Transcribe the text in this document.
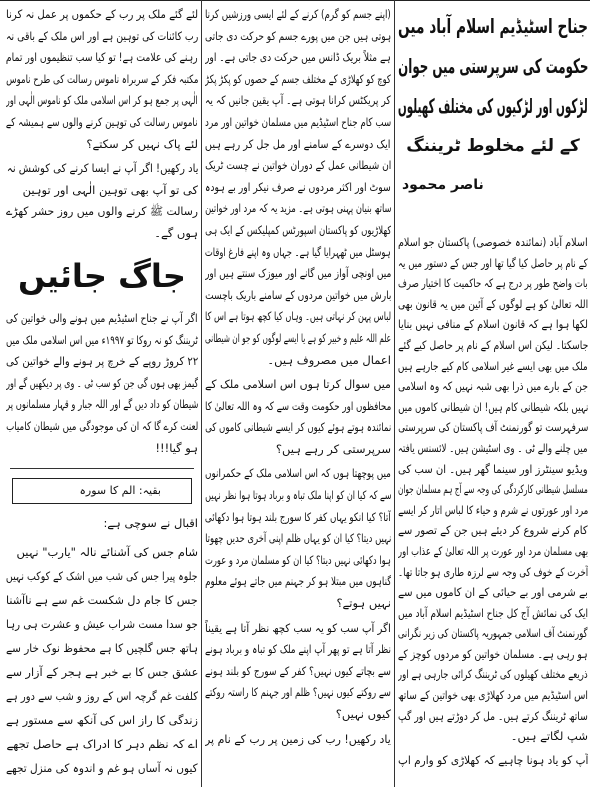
جناح اسٹیڈیم اسلام آباد میں
حکومت کی سرپرستی میں جوان
لڑکوں اور لڑکیوں کی مختلف کھیلوں
کے لئے مخلوط ٹریننگ
ناصر محمود
اسلام آباد (نمائندہ خصوصی) پاکستان جو اسلام
کے نام پر حاصل کیا گیا تھا اور جس کے دستور میں یہ
بات واضح طور پر درج ہے کہ حاکمیت کا اختیار صرف
اللہ تعالیٰ کو ہے لوگوں کے آئین میں یہ قانون بھی
لکھا ہوا ہے کہ قانون اسلام کے منافی نہیں بنایا
جاسکتا۔ لیکن اس اسلام کے نام پر حاصل کیے گئے
ملک میں بھی ایسے غیر اسلامی کام کیے جارہے ہیں
جن کے بارے میں ذرا بھی شبہ نہیں کہ وہ اسلامی
نہیں بلکہ شیطانی کام ہیں! ان شیطانی کاموں میں
سرفہرست تو گورنمنٹ آف پاکستان کی سرپرستی
میں چلنے والے ٹی ۔ وی اسٹیشن ہیں۔ لائسنس یافتہ
ویڈیو سینٹرز اور سینما گھر ہیں۔ ان سب کی
مسلسل شیطانی کارکردگی کی وجہ سے آج ہم مسلمان جوان
مرد اور عورتوں نے شرم و حیاء کا لباس اتار کر ایسے
کام کرنے شروع کر دیئے ہیں جن کے تصور سے
بھی مسلمان مرد اور عورت پر اللہ تعالیٰ کے عذاب اور
آخرت کے خوف کی وجہ سے لرزہ طاری ہو جاتا تھا۔
بے شرمی اور بے حیائی کے ان کاموں میں سے
ایک کی نمائش آج کل جناح اسٹیڈیم اسلام آباد میں
گورنمنٹ آف اسلامی جمہوریہ پاکستان کی زیر نگرانی
ہو رہی ہے۔ مسلمان خواتین کو مردوں کوچز کے
ذریعے مختلف کھیلوں کی ٹریننگ کرائی جارہی ہے اور
اس اسٹیڈیم میں مرد کھلاڑی بھی خواتین کے ساتھ
ساتھ ٹریننگ کرتے ہیں۔ مل کر دوڑتے ہیں اور گپ
شپ لگاتے ہیں۔
آپ کو یاد ہونا چاہیے کہ کھلاڑی کو وارم اپ
(اپنے جسم کو گرم) کرنے کے لئے ایسی ورزشیں کرنا
ہوتی ہیں جن میں پورے جسم کو حرکت دی جاتی
ہے مثلاً بریک ڈانس میں حرکت دی جاتی ہے۔ اور
کوچ کو کھلاڑی کے مختلف جسم کے حصوں کو پکڑ پکڑ
کر پریکٹس کرانا ہوتی ہے۔ آپ یقین جانیں کہ یہ
سب کام جناح اسٹیڈیم میں مسلمان خواتین اور مرد
ایک دوسرے کے سامنے اور مل جل کر رہے ہیں
ان شیطانی عمل کے دوران خواتین نے چست ٹریک
سوٹ اور اکثر مردوں نے صرف نیکر اور بے ہودہ
ساتھ بنیان پہنی ہوتی ہے۔ مزید یہ کہ مرد اور خواتین
کھلاڑیوں کو پاکستان اسپورٹس کمپلیکس کے ایک ہی
ہوسٹل میں ٹھہرایا گیا ہے۔ جہاں وہ اپنے فارغ اوقات
میں اونچی آواز میں گانے اور میوزک سنتے ہیں اور
بارش میں خواتین مردوں کے سامنے باریک باچست
لباس پہن کر نہاتی ہیں۔ وہاں کیا کچھ ہوتا ہے اس کا
علم اللہ علیم و خبیر کو ہے یا ایسے لوگوں کو جو ان شیطانی
اعمال میں مصروف ہیں۔
میں سوال کرتا ہوں اس اسلامی ملک کے
محافظوں اور حکومت وقت سے کہ وہ اللہ تعالیٰ کا
نمائندہ ہوتے ہوئے کیوں کر ایسے شیطانی کاموں کی
سرپرستی کر رہے ہیں؟
میں پوچھتا ہوں کہ اس اسلامی ملک کے حکمرانوں
سے کہ کیا ان کو اپنا ملک تباہ و برباد ہوتا ہوا نظر نہیں
آتا؟ کیا انکو یہاں کفر کا سورج بلند ہوتا ہوا دکھائی
نہیں دیتا؟ کیا ان کو یہاں ظلم اپنی آخری حدیں چھوتا
ہوا دکھائی نہیں دیتا؟ کیا ان کو مسلمان مرد و عورت
گناہوں میں مبتلا ہو کر جہنم میں جاتے ہوئے معلوم
نہیں ہوتے؟
اگر آپ سب کو یہ سب کچھ نظر آتا ہے یقیناً
نظر آتا ہے تو پھر آپ اپنے ملک کو تباہ و برباد ہونے
سے بچاتے کیوں نہیں؟ کفر کے سورج کو بلند ہونے
سے روکتے کیوں نہیں؟ ظلم اور جہنم کا راستہ روکتے
کیوں نہیں؟
یاد رکھیں! رب کی زمین پر رب کے نام پر
لئے گئے ملک پر رب کے حکموں پر عمل نہ کرنا
رب کائنات کی توہین ہے اور اس ملک کے باقی نہ
رہنے کی علامت ہے! تو کیا سب تنظیموں اور تمام
مکتبہ فکر کے سربراہ ناموس رسالت کی طرح ناموس
الٰہی پر جمع ہو کر اس اسلامی ملک کو ناموس الٰہی اور
ناموس رسالت کی توہین کرنے والوں سے ہمیشہ کے
لئے پاک نہیں کر سکتے؟
یاد رکھیں! اگر آپ نے ایسا کرنے کی کوشش نہ
کی تو آپ بھی توہین الٰہی اور توہین
رسالت ﷺ کرنے والوں میں روز حشر کھڑے
ہوں گے۔
جاگ جائیں
اگر آپ نے جناح اسٹیڈیم میں ہونے والی خواتین کی
ٹریننگ کو نہ روکا تو ۱۹۹۷ء میں اس اسلامی ملک میں
۲۲ کروڑ روپے کے خرچ پر ہونے والے خواتین کی
گیمز بھی ہوں گی جن کو سب ٹی ۔ وی پر دیکھیں گے اور
شیطان کو داد دیں گے اور اللہ جبار و قہار مسلمانوں پر
لعنت کرے گا کہ ان کی موجودگی میں شیطان کامیاب
ہو گیا!!!
بقیہ: الم کا سورہ
اقبال نے سوچی ہے:
شام جس کی آشنائے نالہ "یارب" نہیں
جلوہ پیرا جس کی شب میں اشک کے کوکب نہیں
جس کا جام دل شکست غم سے ہے ناآشنا
جو سدا مست شراب عیش و عشرت ہی رہا
ہاتھ جس گلچیں کا ہے محفوظ نوک خار سے
عشق جس کا بے خبر ہے ہجر کے آزار سے
کلفت غم گرچہ اس کے روز و شب سے دور ہے
زندگی کا راز اس کی آنکھ سے مستور ہے
اے کہ نظم دہر کا ادراک ہے حاصل تجھے
کیوں نہ آساں ہو غم و اندوہ کی منزل تجھے
